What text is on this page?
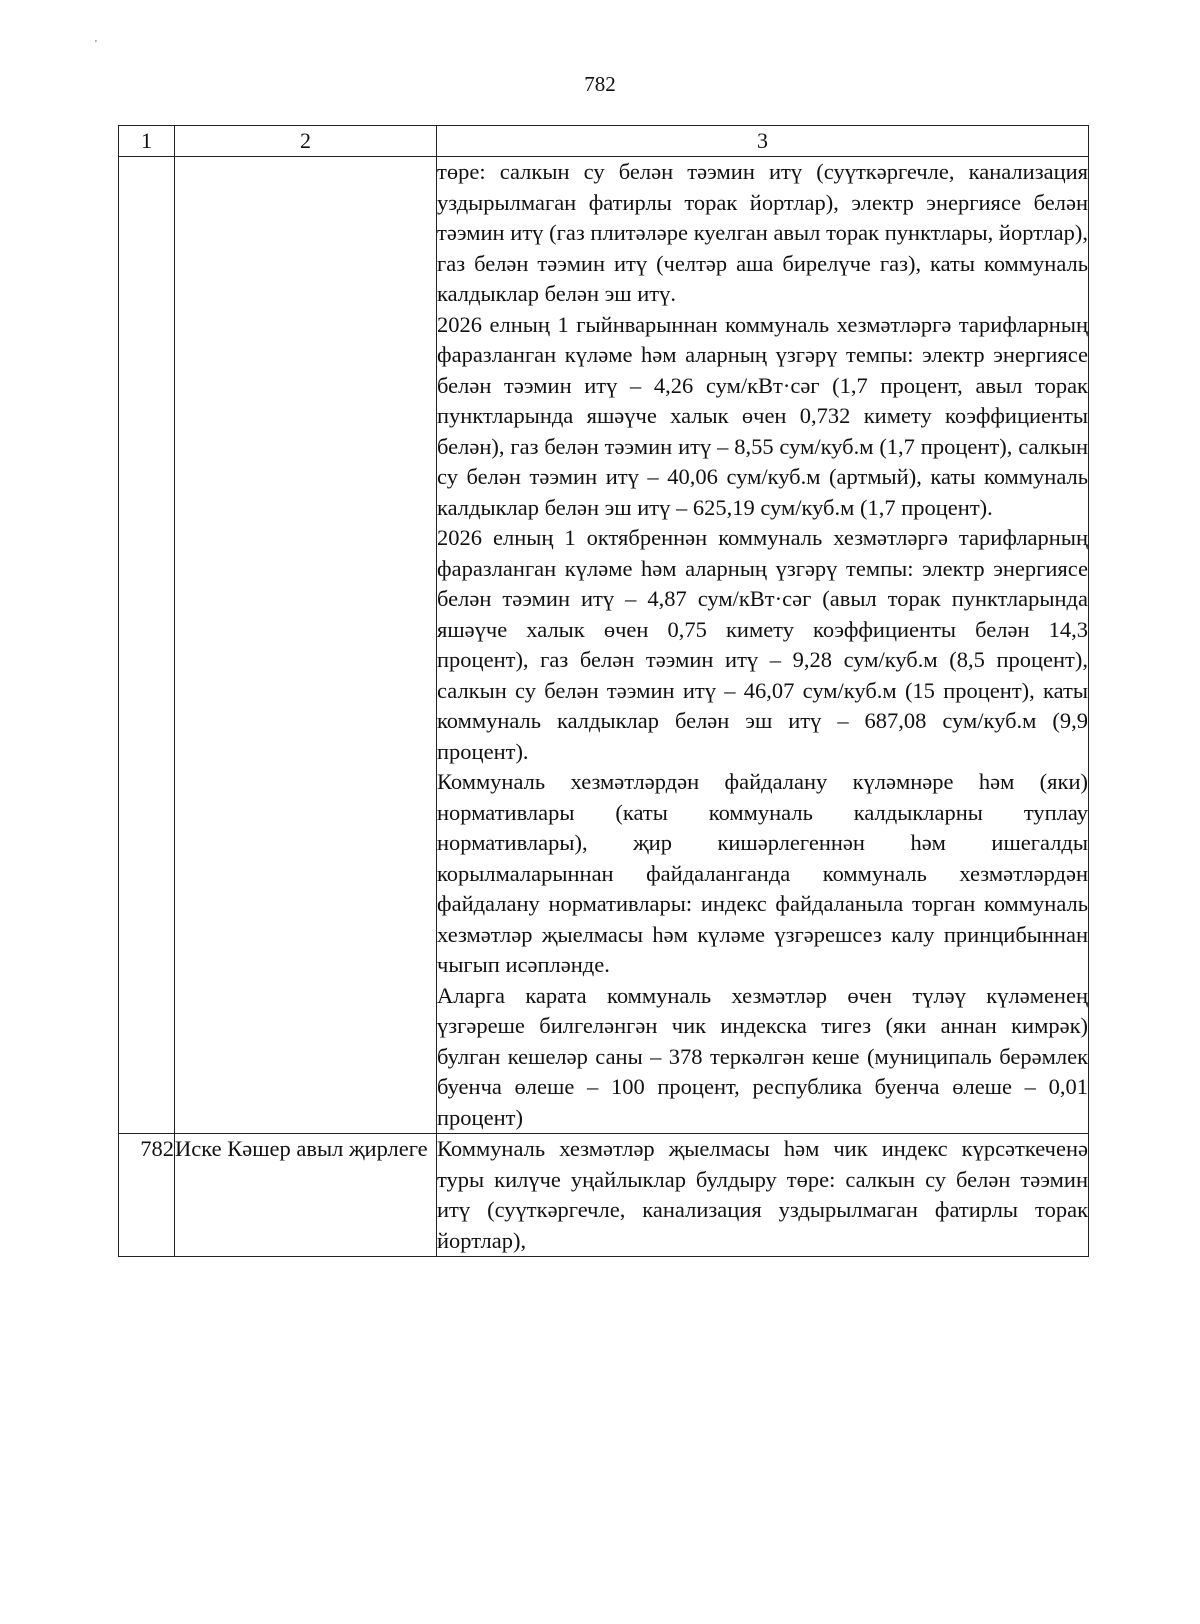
ʼ
782
1	2	3

		төре: салкын су белән тәэмин итү (суүткәргечле, канализация уздырылмаган фатирлы торак йортлар), электр энергиясе белән тәэмин итү (газ плитәләре куелган авыл торак пунктлары, йортлар), газ белән тәэмин итү (челтәр аша бирелүче газ), каты коммуналь калдыклар белән эш итү.

2026 елның 1 гыйнварыннан коммуналь хезмәтләргә тарифларның фаразланган күләме һәм аларның үзгәрү темпы: электр энергиясе белән тәэмин итү – 4,26 сум/кВт·сәг (1,7 процент, авыл торак пунктларында яшәүче халык өчен 0,732 кимету коэффициенты белән), газ белән тәэмин итү – 8,55 сум/куб.м (1,7 процент), салкын су белән тәэмин итү – 40,06 сум/куб.м (артмый), каты коммуналь калдыклар белән эш итү – 625,19 сум/куб.м (1,7 процент).

2026 елның 1 октябреннән коммуналь хезмәтләргә тарифларның фаразланган күләме һәм аларның үзгәрү темпы: электр энергиясе белән тәэмин итү – 4,87 сум/кВт·сәг (авыл торак пунктларында яшәүче халык өчен 0,75 кимету коэффициенты белән 14,3 процент), газ белән тәэмин итү – 9,28 сум/куб.м (8,5 процент), салкын су белән тәэмин итү – 46,07 сум/куб.м (15 процент), каты коммуналь калдыклар белән эш итү – 687,08 сум/куб.м (9,9 процент).

Коммуналь хезмәтләрдән файдалану күләмнәре һәм (яки) нормативлары (каты коммуналь калдыкларны туплау нормативлары), җир кишәрлегеннән һәм ишегалды корылмаларыннан файдаланганда коммуналь хезмәтләрдән файдалану нормативлары: индекс файдаланыла торган коммуналь хезмәтләр җыелмасы һәм күләме үзгәрешсез калу принцибыннан чыгып исәпләнде.

Аларга карата коммуналь хезмәтләр өчен түләү күләменең үзгәреше билгеләнгән чик индекска тигез (яки аннан кимрәк) булган кешеләр саны – 378 теркәлгән кеше (муниципаль берәмлек буенча өлеше – 100 процент, республика буенча өлеше – 0,01 процент)

782	Иске Кәшер авыл җирлеге	Коммуналь хезмәтләр җыелмасы һәм чик индекс күрсәткеченә туры килүче уңайлыклар булдыру төре: салкын су белән тәэмин итү (суүткәргечле, канализация уздырылмаган фатирлы торак йортлар),
